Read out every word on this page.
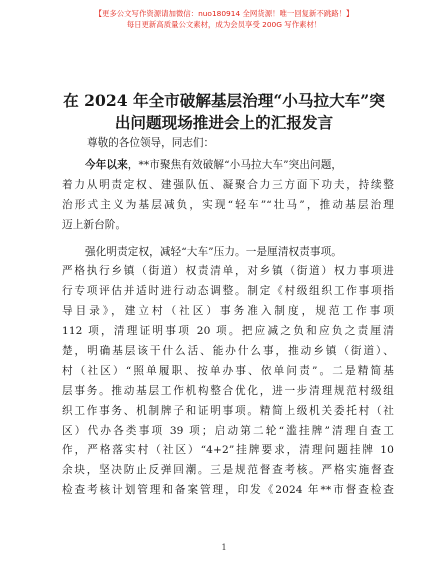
【更多公文写作资源请加微信：nuo180914 全网货源！唯一回复新不跳路！】
每日更新高质量公文素材，成为会员享受 200G 写作素材！
在 2024 年全市破解基层治理“小马拉大车”突
出问题现场推进会上的汇报发言
尊敬的各位领导，同志们：
今年以来，**市聚焦有效破解“小马拉大车”突出问题，
着力从明责定权、建强队伍、凝聚合力三方面下功夫，持续整
治形式主义为基层减负，实现“轻车”“壮马”，推动基层治理
迈上新台阶。
强化明责定权，减轻“大车”压力。一是厘清权责事项。
严格执行乡镇（街道）权责清单，对乡镇（街道）权力事项进
行专项评估并适时进行动态调整。制定《村级组织工作事项指
导目录》，建立村（社区）事务准入制度，规范工作事项
112 项，清理证明事项 20 项。把应减之负和应负之责厘清
楚，明确基层该干什么活、能办什么事，推动乡镇（街道）、
村（社区）“照单履职、按单办事、依单问责”。二是精简基
层事务。推动基层工作机构整合优化，进一步清理规范村级组
织工作事务、机制牌子和证明事项。精简上级机关委托村（社
区）代办各类事项 39 项；启动第二轮“滥挂牌”清理自查工
作，严格落实村（社区）“4+2”挂牌要求，清理问题挂牌 10
余块，坚决防止反弹回潮。三是规范督查考核。严格实施督查
检查考核计划管理和备案管理，印发《2024 年**市督查检查
1
